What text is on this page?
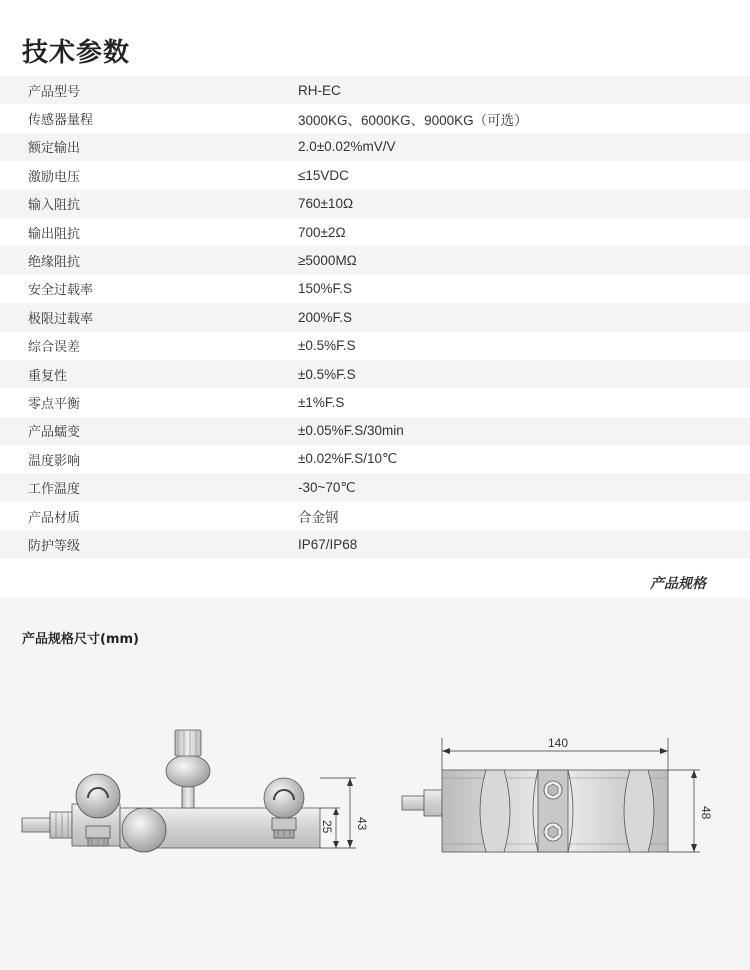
技术参数
产品型号	RH-EC
传感器量程	3000KG、6000KG、9000KG（可选）
额定输出	2.0±0.02%mV/V
激励电压	≤15VDC
输入阻抗	760±10Ω
输出阻抗	700±2Ω
绝缘阻抗	≥5000MΩ
安全过载率	150%F.S
极限过载率	200%F.S
综合误差	±0.5%F.S
重复性	±0.5%F.S
零点平衡	±1%F.S
产品蠕变	±0.05%F.S/30min
温度影响	±0.02%F.S/10℃
工作温度	-30~70℃
产品材质	合金钢
防护等级	IP67/IP68
产品规格
产品规格尺寸(mm)
43
25
140
48
